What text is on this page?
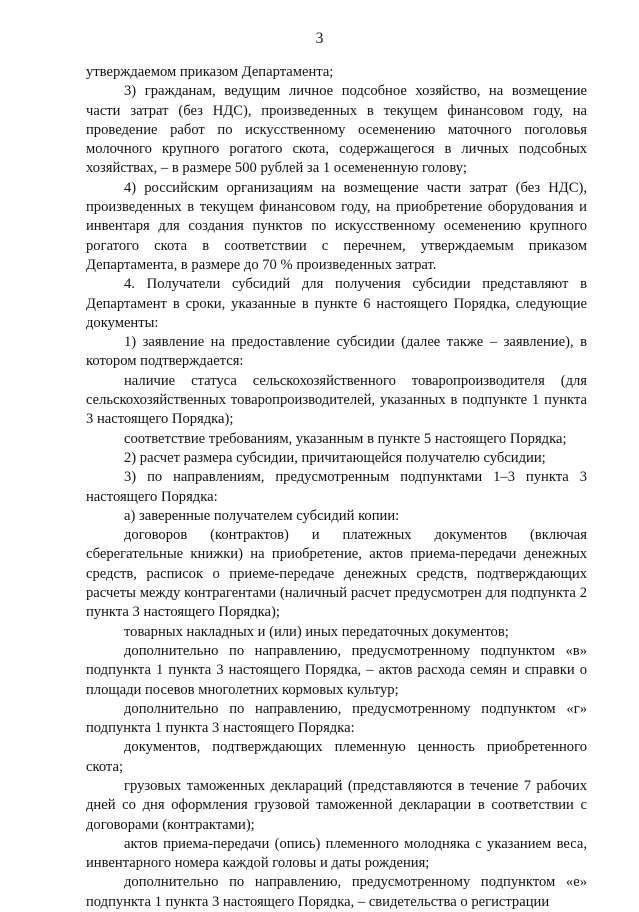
3

утверждаемом приказом Департамента;

3) гражданам, ведущим личное подсобное хозяйство, на возмещение части затрат (без НДС), произведенных в текущем финансовом году, на проведение работ по искусственному осеменению маточного поголовья молочного крупного рогатого скота, содержащегося в личных подсобных хозяйствах, – в размере 500 рублей за 1 осемененную голову;

4) российским организациям на возмещение части затрат (без НДС), произведенных в текущем финансовом году, на приобретение оборудования и инвентаря для создания пунктов по искусственному осеменению крупного рогатого скота в соответствии с перечнем, утверждаемым приказом Департамента, в размере до 70 % произведенных затрат.

4. Получатели субсидий для получения субсидии представляют в Департамент в сроки, указанные в пункте 6 настоящего Порядка, следующие документы:

1) заявление на предоставление субсидии (далее также – заявление), в котором подтверждается:

наличие статуса сельскохозяйственного товаропроизводителя (для сельскохозяйственных товаропроизводителей, указанных в подпункте 1 пункта 3 настоящего Порядка);

соответствие требованиям, указанным в пункте 5 настоящего Порядка;

2) расчет размера субсидии, причитающейся получателю субсидии;

3) по направлениям, предусмотренным подпунктами 1–3 пункта 3 настоящего Порядка:

а) заверенные получателем субсидий копии:

договоров (контрактов) и платежных документов (включая сберегательные книжки) на приобретение, актов приема-передачи денежных средств, расписок о приеме-передаче денежных средств, подтверждающих расчеты между контрагентами (наличный расчет предусмотрен для подпункта 2 пункта 3 настоящего Порядка);

товарных накладных и (или) иных передаточных документов;

дополнительно по направлению, предусмотренному подпунктом «в» подпункта 1 пункта 3 настоящего Порядка, – актов расхода семян и справки о площади посевов многолетних кормовых культур;

дополнительно по направлению, предусмотренному подпунктом «г» подпункта 1 пункта 3 настоящего Порядка:

документов, подтверждающих племенную ценность приобретенного скота;

грузовых таможенных деклараций (представляются в течение 7 рабочих дней со дня оформления грузовой таможенной декларации в соответствии с договорами (контрактами);

актов приема-передачи (опись) племенного молодняка с указанием веса, инвентарного номера каждой головы и даты рождения;

дополнительно по направлению, предусмотренному подпунктом «е» подпункта 1 пункта 3 настоящего Порядка, – свидетельства о регистрации
